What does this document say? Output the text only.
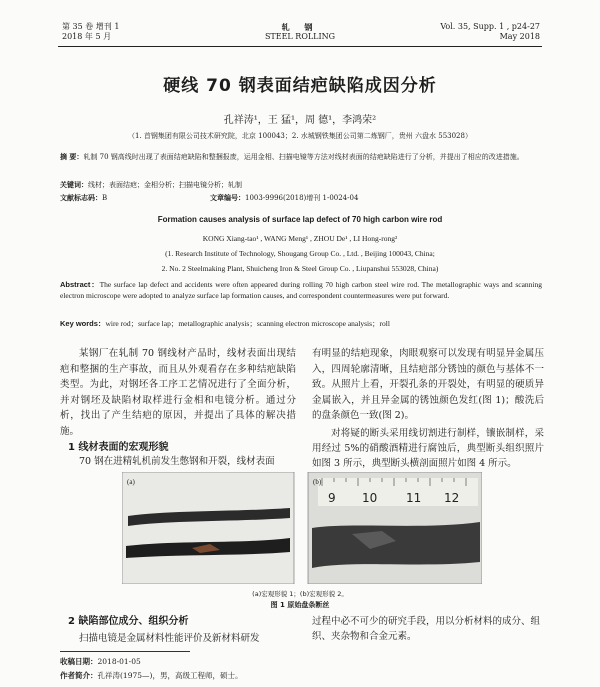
第 35 卷 增刊 1
2018 年 5 月
轧 钢
STEEL ROLLING
Vol. 35, Supp. 1 , p24-27
May 2018
硬线 70 钢表面结疤缺陷成因分析
孔祥涛¹，王 猛¹，周 德¹，李鸿荣²
（1. 首钢集团有限公司技术研究院，北京 100043；2. 水城钢铁集团公司第二炼钢厂，贵州 六盘水 553028）
摘 要：轧制 70 钢高线时出现了表面结疤缺陷和整捆报废，运用金相、扫描电镜等方法对线材表面的结疤缺陷进行了分析，并提出了相应的改进措施。
关键词：线材；表面结疤；金相分析；扫描电镜分析；轧制
文献标志码：B	文章编号：1003-9996(2018)增刊 1-0024-04
Formation causes analysis of surface lap defect of 70 high carbon wire rod
KONG Xiang-tao¹ , WANG Meng¹ , ZHOU De¹ , LI Hong-rong²
(1. Research Institute of Technology, Shougang Group Co. , Ltd. , Beijing 100043, China;
2. No. 2 Steelmaking Plant, Shuicheng Iron & Steel Group Co. , Liupanshui 553028, China)
Abstract：The surface lap defect and accidents were often appeared during rolling 70 high carbon steel wire rod. The metallographic ways and scanning electron microscope were adopted to analyze surface lap formation causes, and correspondent countermeasures were put forward.
Key words：wire rod；surface lap；metallographic analysis；scanning electron microscope analysis；roll

某钢厂在轧制 70 钢线材产品时，线材表面出现结疤和整捆的生产事故，而且从外观看存在多种结疤缺陷类型。为此，对钢坯各工序工艺情况进行了全面分析，并对钢坯及缺陷材取样进行金相和电镜分析。通过分析，找出了产生结疤的原因，并提出了具体的解决措施。

1 线材表面的宏观形貌
70 钢在进精轧机前发生憋钢和开裂，线材表面

有明显的结疤现象，肉眼观察可以发现有明显异金属压入，四周轮廓清晰，且结疤部分锈蚀的颜色与基体不一致。从照片上看，开裂孔条的开裂处，有明显的硬质异金属嵌入，并且异金属的锈蚀颜色发红(图 1)；酸洗后的盘条颜色一致(图 2)。

对将疑的断头采用线切割进行制样，镶嵌制样，采用经过 5%的硝酸酒精进行腐蚀后，典型断头组织照片如图 3 所示，典型断头横剖面照片如图 4 所示。

(a)
9 10 11 12
(b)
(a)宏观形貌 1；(b)宏观形貌 2。
图 1 原始盘条断丝
2 缺陷部位成分、组织分析
扫描电镜是金属材料性能评价及新材料研发
过程中必不可少的研究手段，用以分析材料的成分、组织、夹杂物和合金元素。
收稿日期：2018-01-05
作者简介：孔祥涛(1975—)，男，高级工程师，硕士。
